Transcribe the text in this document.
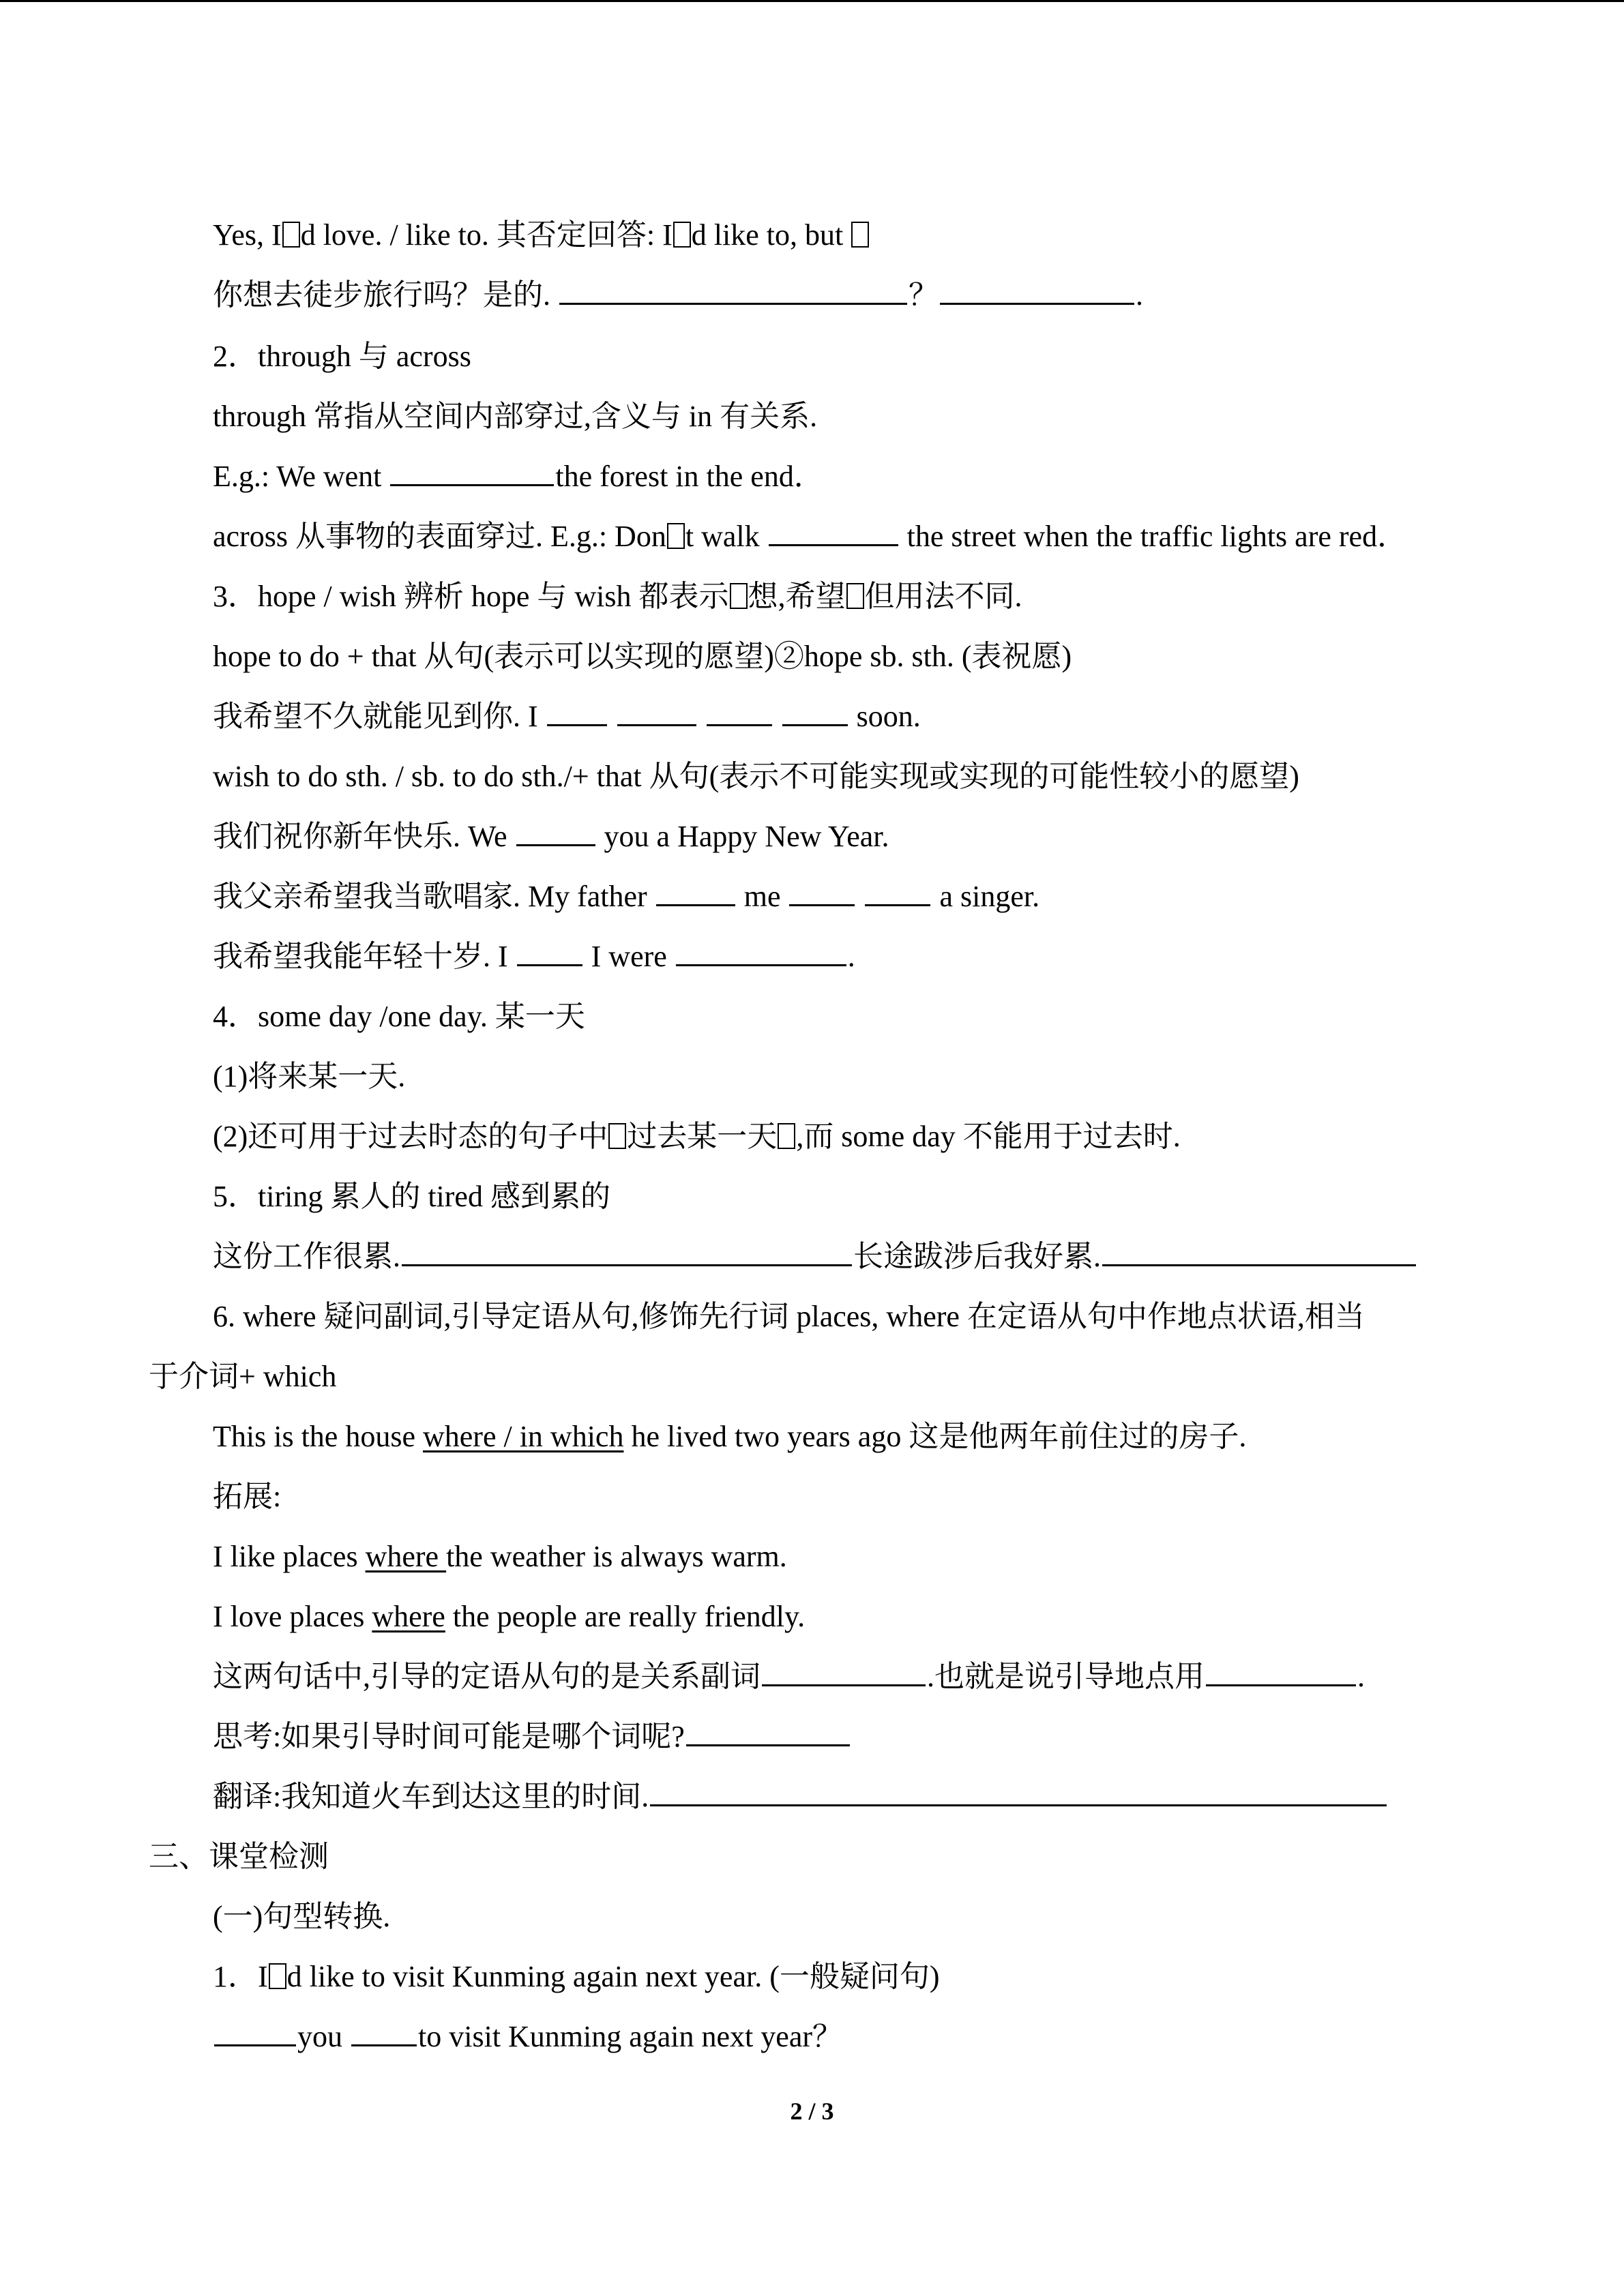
Yes, I d love. / like to. 其否定回答: I d like to, but
你想去徒步旅行吗？是的.	？	.
2．through 与 across
through 常指从空间内部穿过,含义与 in 有关系.
E.g.: We went	the forest in the end．
across 从事物的表面穿过. E.g.: Don t walk	the street when the traffic lights are red．
3．hope / wish 辨析 hope 与 wish 都表示 想,希望 但用法不同.
hope to do + that 从句(表示可以实现的愿望)②hope sb. sth. (表祝愿)
我希望不久就能见到你. I	soon.
wish to do sth. / sb. to do sth./+ that 从句(表示不可能实现或实现的可能性较小的愿望)
我们祝你新年快乐. We	you a Happy New Year.
我父亲希望我当歌唱家. My father	me	a singer.
我希望我能年轻十岁. I  I were	.
4．some day /one day. 某一天
(1)将来某一天.
(2)还可用于过去时态的句子中 过去某一天 ,而 some day 不能用于过去时.
5．tiring 累人的 tired 感到累的
这份工作很累.	长途跋涉后我好累.
6. where 疑问副词,引导定语从句,修饰先行词 places, where 在定语从句中作地点状语,相当
于介词+ which
This is the house where / in which he lived two years ago 这是他两年前住过的房子.
拓展:
I like places where the weather is always warm.
I love places where the people are really friendly.
这两句话中,引导的定语从句的是关系副词	.也就是说引导地点用	.
思考:如果引导时间可能是哪个词呢?
翻译:我知道火车到达这里的时间.
三、课堂检测
(一)句型转换.
1．I d like to visit Kunming again next year. (一般疑问句)
you to visit Kunming again next year？
2 / 3
